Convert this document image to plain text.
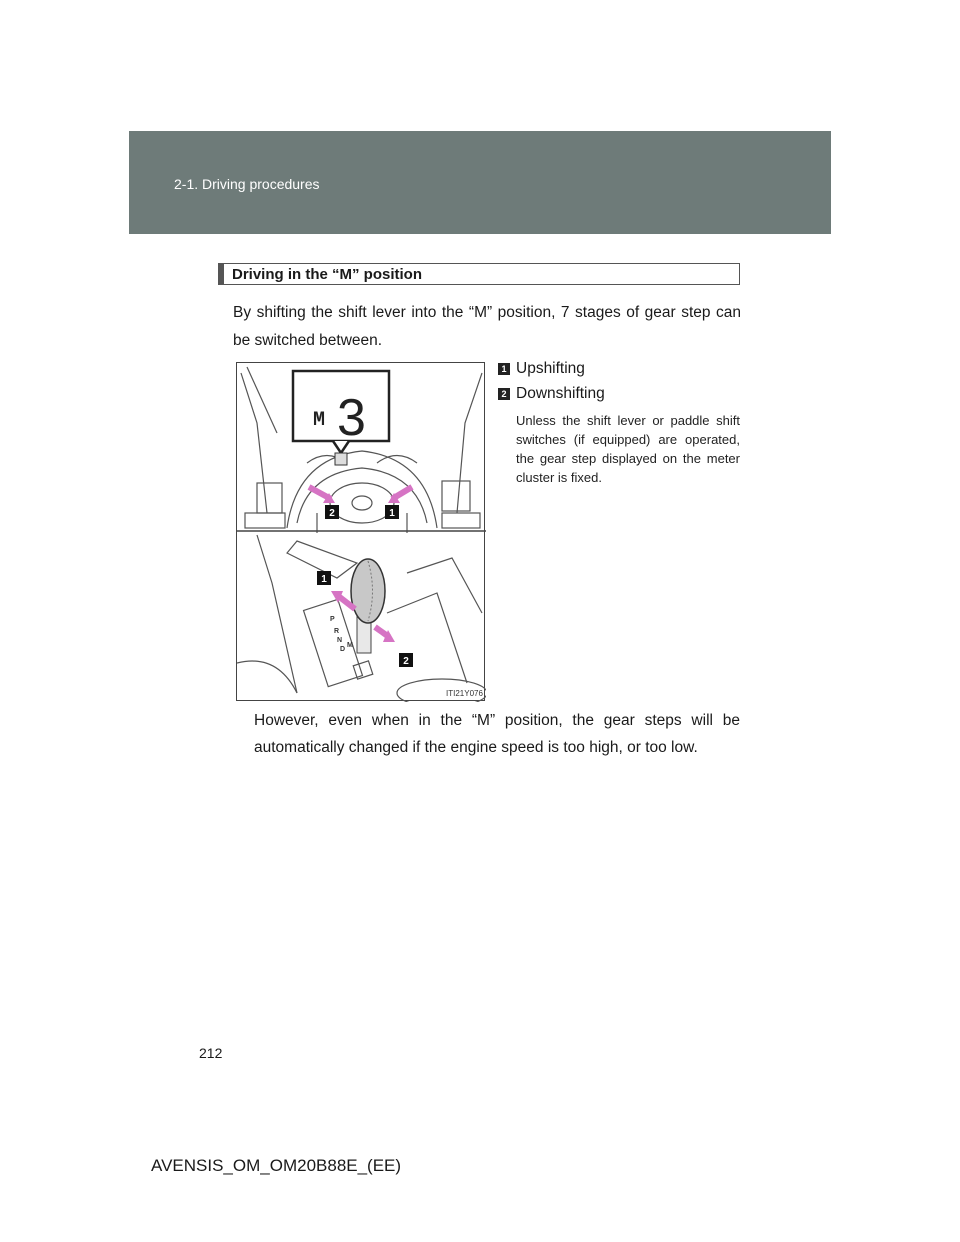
2-1. Driving procedures
Driving in the “M” position
By shifting the shift lever into the “M” position, 7 stages of gear step can be switched between.
1 Upshifting
2 Downshifting
Unless the shift lever or paddle shift switches (if equipped) are operated, the gear step displayed on the meter cluster is fixed.
M 3
2	1
P
R
N
D
M
1
2
ITI21Y076
However, even when in the “M” position, the gear steps will be automatically changed if the engine speed is too high, or too low.
212
AVENSIS_OM_OM20B88E_(EE)
